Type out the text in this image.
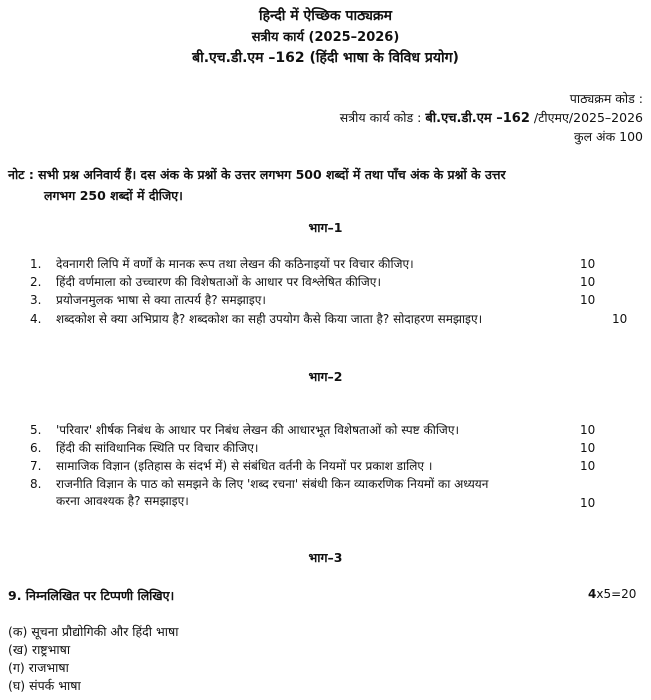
हिन्दी में ऐच्छिक पाठ्यक्रम
सत्रीय कार्य (2025–2026)
बी.एच.डी.एम –162 (हिंदी भाषा के विविध प्रयोग)
पाठ्यक्रम कोड :
सत्रीय कार्य कोड : बी.एच.डी.एम –162 /टीएमए/2025–2026
कुल अंक 100
नोट : सभी प्रश्न अनिवार्य हैं। दस अंक के प्रश्नों के उत्तर लगभग 500 शब्दों में तथा पाँच अंक के प्रश्नों के उत्तर
लगभग 250 शब्दों में दीजिए।
भाग–1
1.	देवनागरी लिपि में वर्णों के मानक रूप तथा लेखन की कठिनाइयों पर विचार कीजिए।	10
2.	हिंदी वर्णमाला को उच्चारण की विशेषताओं के आधार पर विश्लेषित कीजिए।	10
3.	प्रयोजनमुलक भाषा से क्या तात्पर्य है? समझाइए।	10
4.	शब्दकोश से क्या अभिप्राय है? शब्दकोश का सही उपयोग कैसे किया जाता है? सोदाहरण समझाइए।	10
भाग–2
5.	'परिवार' शीर्षक निबंध के आधार पर निबंध लेखन की आधारभूत विशेषताओं को स्पष्ट कीजिए।	10
6.	हिंदी की सांविधानिक स्थिति पर विचार कीजिए।	10
7.	सामाजिक विज्ञान (इतिहास के संदर्भ में) से संबंधित वर्तनी के नियमों पर प्रकाश डालिए ।	10
8.	राजनीति विज्ञान के पाठ को समझने के लिए 'शब्द रचना' संबंधी किन व्याकरणिक नियमों का अध्ययन
करना आवश्यक है? समझाइए।	10
भाग–3
9. निम्नलिखित पर टिप्पणी लिखिए।	4x5=20
(क) सूचना प्रौद्योगिकी और हिंदी भाषा
(ख) राष्ट्रभाषा
(ग) राजभाषा
(घ) संपर्क भाषा
